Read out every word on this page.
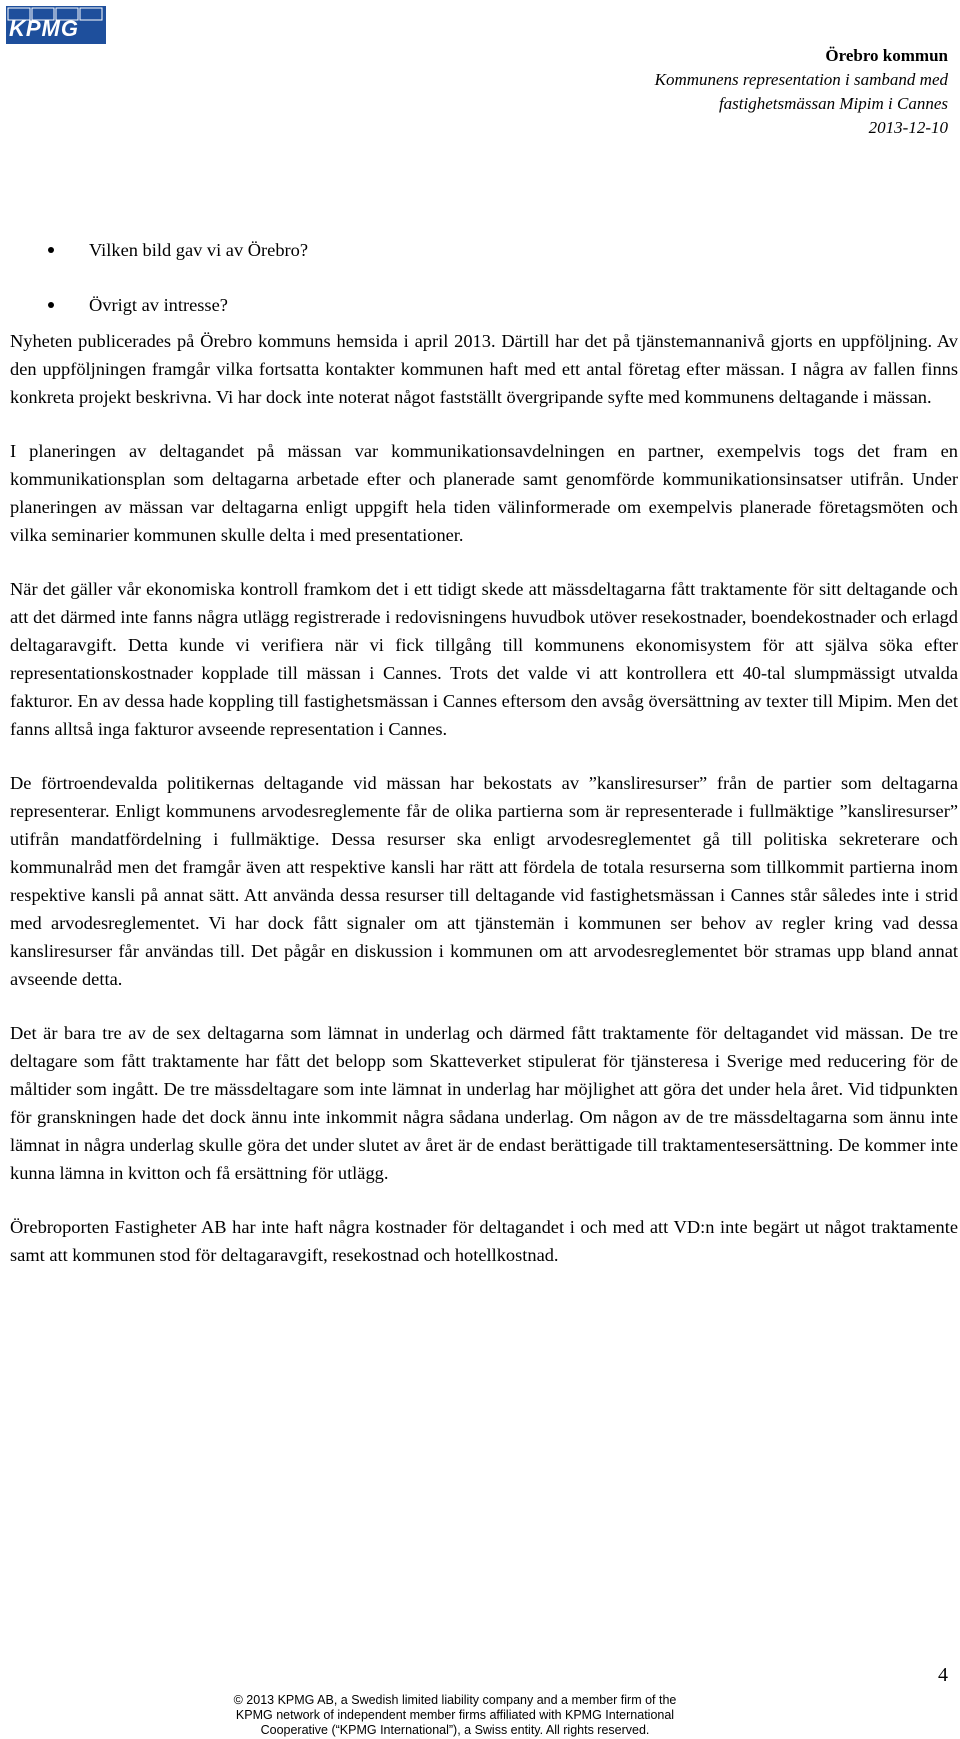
KPMG
Örebro kommun
Kommunens representation i samband med
fastighetsmässan Mipim i Cannes
2013-12-10
Vilken bild gav vi av Örebro?
Övrigt av intresse?

Nyheten publicerades på Örebro kommuns hemsida i april 2013. Därtill har det på tjänstemannanivå gjorts en uppföljning. Av den uppföljningen framgår vilka fortsatta kontakter kommunen haft med ett antal företag efter mässan. I några av fallen finns konkreta projekt beskrivna. Vi har dock inte noterat något fastställt övergripande syfte med kommunens deltagande i mässan.

I planeringen av deltagandet på mässan var kommunikationsavdelningen en partner, exempelvis togs det fram en kommunikationsplan som deltagarna arbetade efter och planerade samt genomförde kommunikationsinsatser utifrån. Under planeringen av mässan var deltagarna enligt uppgift hela tiden välinformerade om exempelvis planerade företagsmöten och vilka seminarier kommunen skulle delta i med presentationer.

När det gäller vår ekonomiska kontroll framkom det i ett tidigt skede att mässdeltagarna fått traktamente för sitt deltagande och att det därmed inte fanns några utlägg registrerade i redovisningens huvudbok utöver resekostnader, boendekostnader och erlagd deltagaravgift. Detta kunde vi verifiera när vi fick tillgång till kommunens ekonomisystem för att själva söka efter representationskostnader kopplade till mässan i Cannes. Trots det valde vi att kontrollera ett 40-tal slumpmässigt utvalda fakturor. En av dessa hade koppling till fastighetsmässan i Cannes eftersom den avsåg översättning av texter till Mipim. Men det fanns alltså inga fakturor avseende representation i Cannes.

De förtroendevalda politikernas deltagande vid mässan har bekostats av ”kansliresurser” från de partier som deltagarna representerar. Enligt kommunens arvodesreglemente får de olika partierna som är representerade i fullmäktige ”kansliresurser” utifrån mandatfördelning i fullmäktige. Dessa resurser ska enligt arvodesreglementet gå till politiska sekreterare och kommunalråd men det framgår även att respektive kansli har rätt att fördela de totala resurserna som tillkommit partierna inom respektive kansli på annat sätt. Att använda dessa resurser till deltagande vid fastighetsmässan i Cannes står således inte i strid med arvodesreglementet. Vi har dock fått signaler om att tjänstemän i kommunen ser behov av regler kring vad dessa kansliresurser får användas till. Det pågår en diskussion i kommunen om att arvodesreglementet bör stramas upp bland annat avseende detta.

Det är bara tre av de sex deltagarna som lämnat in underlag och därmed fått traktamente för deltagandet vid mässan. De tre deltagare som fått traktamente har fått det belopp som Skatteverket stipulerat för tjänsteresa i Sverige med reducering för de måltider som ingått. De tre mässdeltagare som inte lämnat in underlag har möjlighet att göra det under hela året. Vid tidpunkten för granskningen hade det dock ännu inte inkommit några sådana underlag. Om någon av de tre mässdeltagarna som ännu inte lämnat in några underlag skulle göra det under slutet av året är de endast berättigade till traktamentesersättning. De kommer inte kunna lämna in kvitton och få ersättning för utlägg.

Örebroporten Fastigheter AB har inte haft några kostnader för deltagandet i och med att VD:n inte begärt ut något traktamente samt att kommunen stod för deltagaravgift, resekostnad och hotellkostnad.

4
© 2013 KPMG AB, a Swedish limited liability company and a member firm of the
KPMG network of independent member firms affiliated with KPMG International
Cooperative (“KPMG International”), a Swiss entity. All rights reserved.
